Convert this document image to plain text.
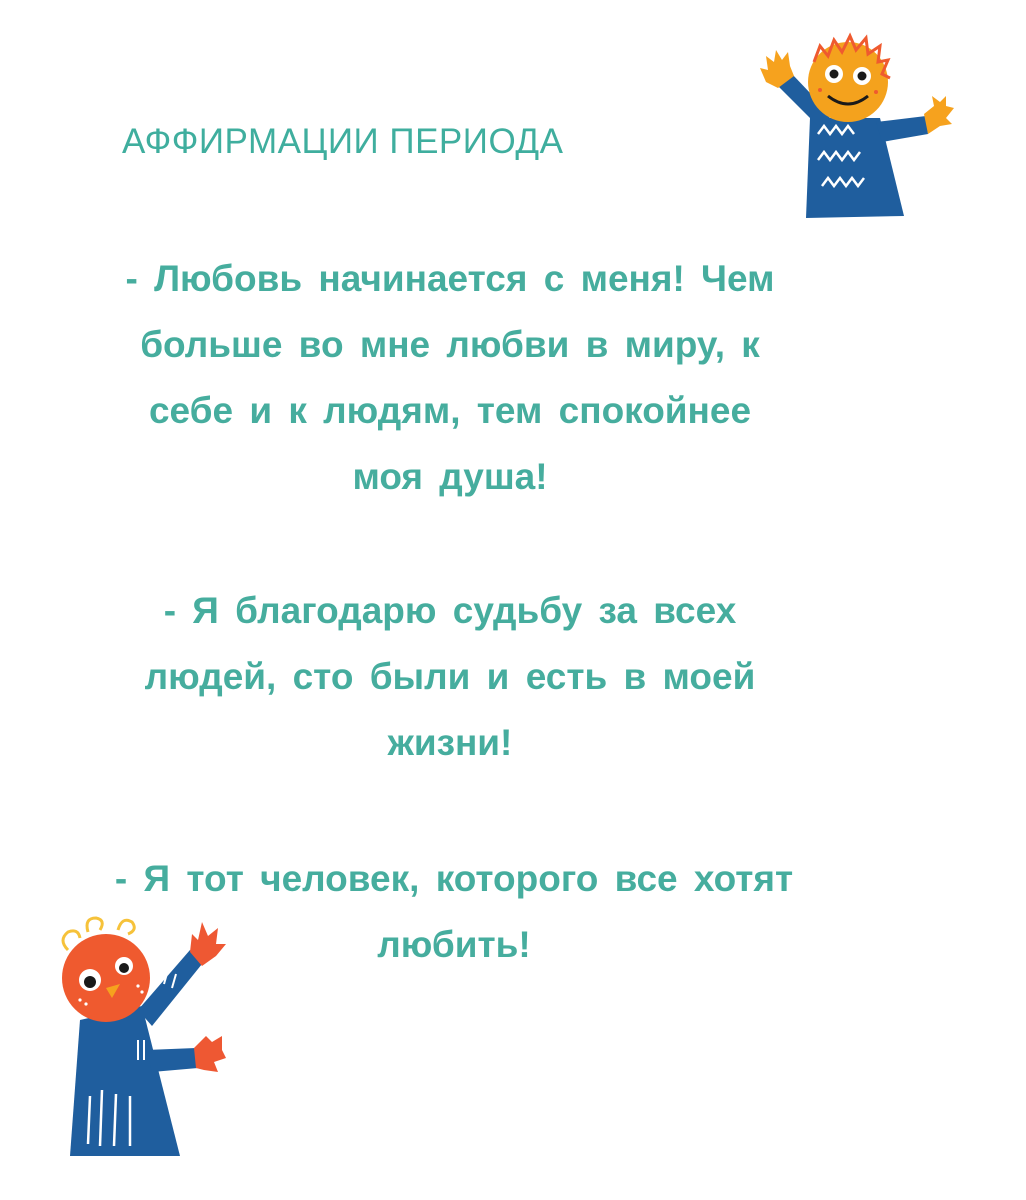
АФФИРМАЦИИ ПЕРИОДА

- Любовь начинается с меня! Чем
больше во мне любви в миру, к
себе и к людям, тем спокойнее
моя душа!

- Я благодарю судьбу за всех
людей, сто были и есть в моей
жизни!

- Я тот человек, которого все хотят
любить!
